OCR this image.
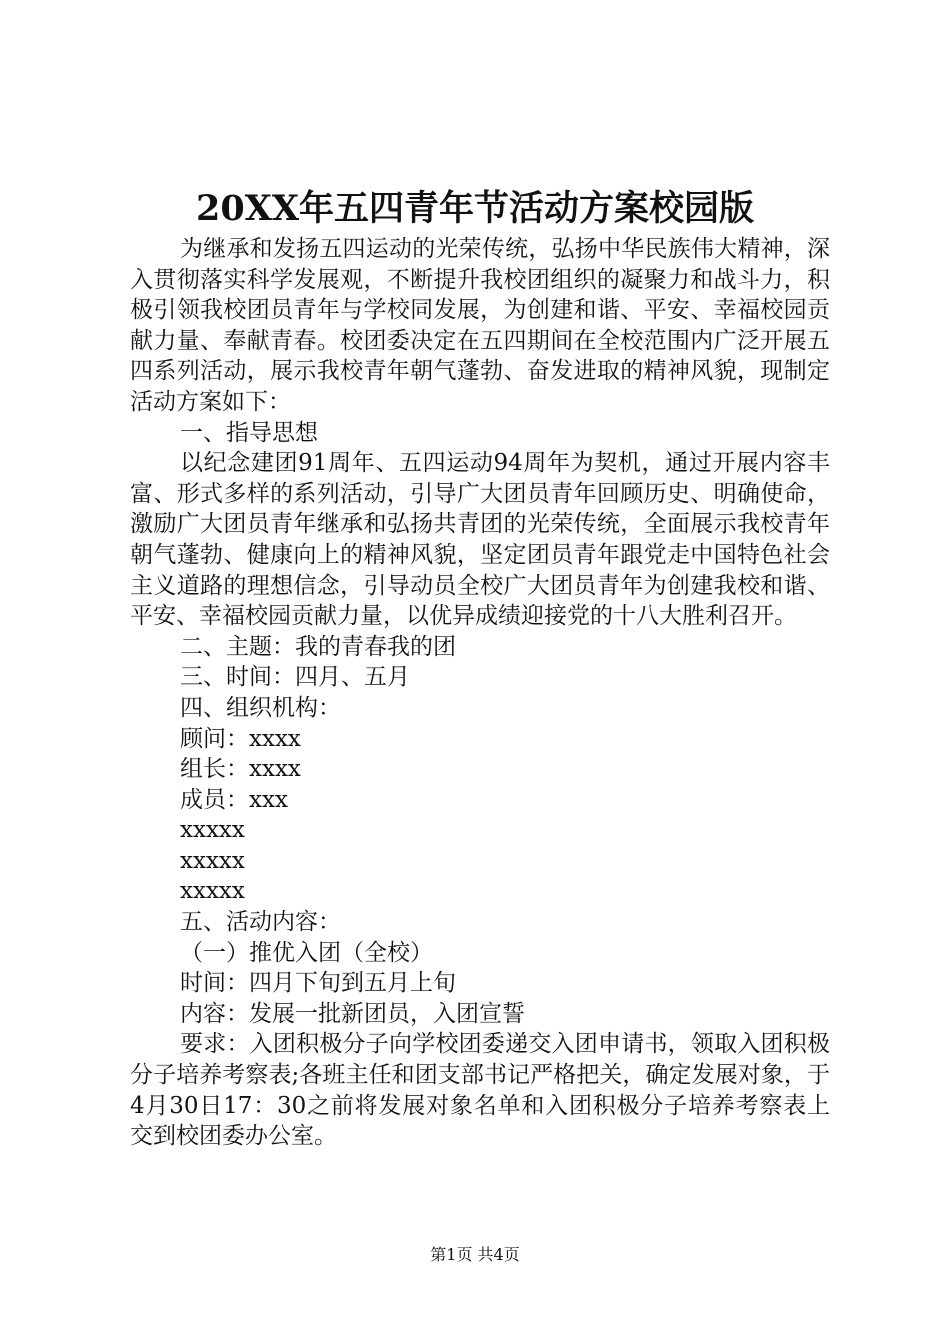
20XX年五四青年节活动方案校园版

为继承和发扬五四运动的光荣传统，弘扬中华民族伟大精神，深入贯彻落实科学发展观，不断提升我校团组织的凝聚力和战斗力，积极引领我校团员青年与学校同发展，为创建和谐、平安、幸福校园贡献力量、奉献青春。校团委决定在五四期间在全校范围内广泛开展五四系列活动，展示我校青年朝气蓬勃、奋发进取的精神风貌，现制定活动方案如下：

一、指导思想

以纪念建团91周年、五四运动94周年为契机，通过开展内容丰富、形式多样的系列活动，引导广大团员青年回顾历史、明确使命，激励广大团员青年继承和弘扬共青团的光荣传统，全面展示我校青年朝气蓬勃、健康向上的精神风貌，坚定团员青年跟党走中国特色社会主义道路的理想信念，引导动员全校广大团员青年为创建我校和谐、平安、幸福校园贡献力量，以优异成绩迎接党的十八大胜利召开。

二、主题：我的青春我的团

三、时间：四月、五月

四、组织机构：

顾问：xxxx

组长：xxxx

成员：xxx

xxxxx

xxxxx

xxxxx

五、活动内容：

（一）推优入团（全校）

时间：四月下旬到五月上旬

内容：发展一批新团员，入团宣誓

要求：入团积极分子向学校团委递交入团申请书，领取入团积极分子培养考察表;各班主任和团支部书记严格把关，确定发展对象，于4月30日17：30之前将发展对象名单和入团积极分子培养考察表上交到校团委办公室。

第1页 共4页
